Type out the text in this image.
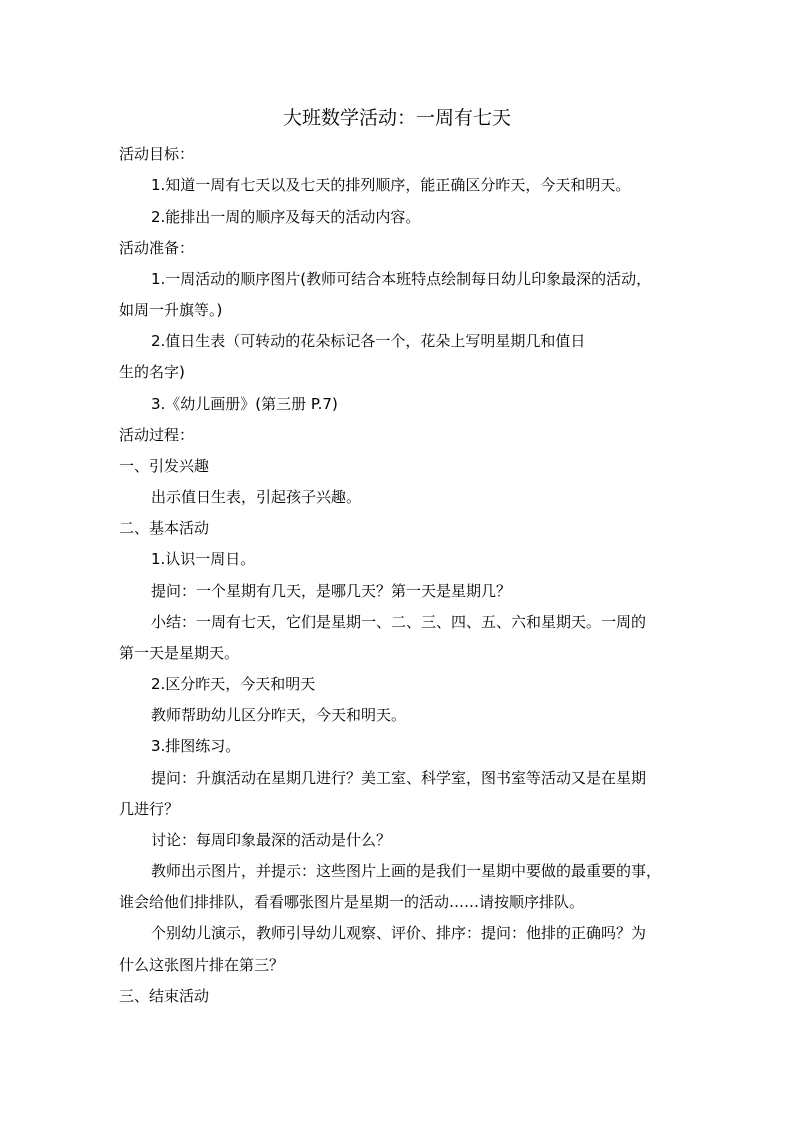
大班数学活动：一周有七天
活动目标：
1.知道一周有七天以及七天的排列顺序，能正确区分昨天，今天和明天。
2.能排出一周的顺序及每天的活动内容。
活动准备：
1.一周活动的顺序图片(教师可结合本班特点绘制每日幼儿印象最深的活动，
如周一升旗等。)
2.值日生表（可转动的花朵标记各一个，花朵上写明星期几和值日
生的名字)
3.《幼儿画册》(第三册 P.7)
活动过程：
一、引发兴趣
出示值日生表，引起孩子兴趣。
二、基本活动
1.认识一周日。
提问：一个星期有几天，是哪几天？第一天是星期几？
小结：一周有七天，它们是星期一、二、三、四、五、六和星期天。一周的
第一天是星期天。
2.区分昨天，今天和明天
教师帮助幼儿区分昨天，今天和明天。
3.排图练习。
提问：升旗活动在星期几进行？美工室、科学室，图书室等活动又是在星期
几进行？
讨论：每周印象最深的活动是什么？
教师出示图片，并提示：这些图片上画的是我们一星期中要做的最重要的事，
谁会给他们排排队，看看哪张图片是星期一的活动……请按顺序排队。
个别幼儿演示，教师引导幼儿观察、评价、排序：提问：他排的正确吗？为
什么这张图片排在第三？
三、结束活动
